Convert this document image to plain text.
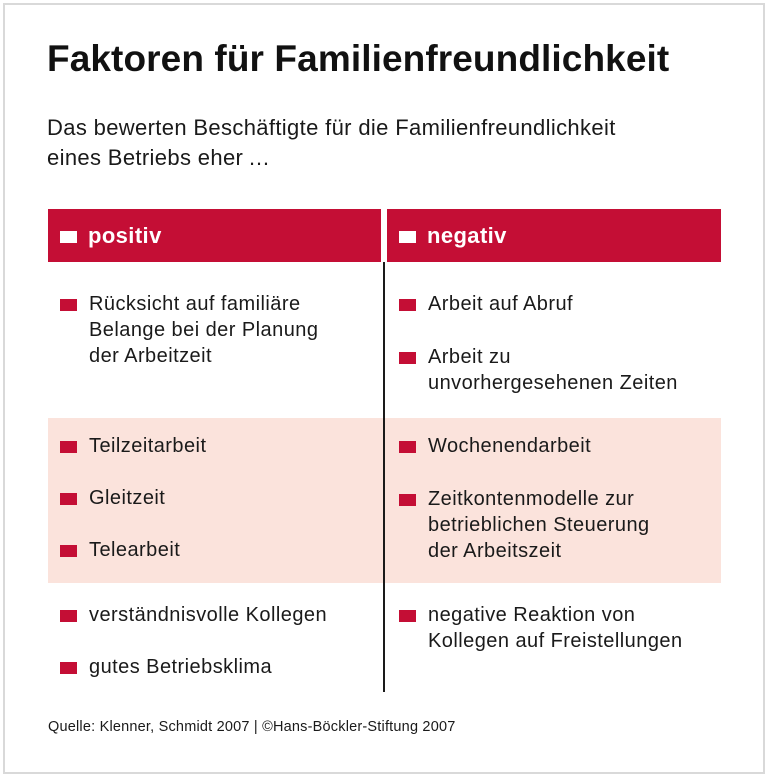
Faktoren für Familienfreundlichkeit
Das bewerten Beschäftigte für die Familienfreundlichkeit
eines Betriebs eher …
positiv	negativ
Rücksicht auf familiäre
Belange bei der Planung
der Arbeitzeit
Arbeit auf Abruf
Arbeit zu
unvorhergesehenen Zeiten
Teilzeitarbeit
Gleitzeit
Telearbeit
Wochenendarbeit
Zeitkontenmodelle zur
betrieblichen Steuerung
der Arbeitszeit
verständnisvolle Kollegen
gutes Betriebsklima
negative Reaktion von
Kollegen auf Freistellungen
Quelle: Klenner, Schmidt 2007 | ©Hans-Böckler-Stiftung 2007
